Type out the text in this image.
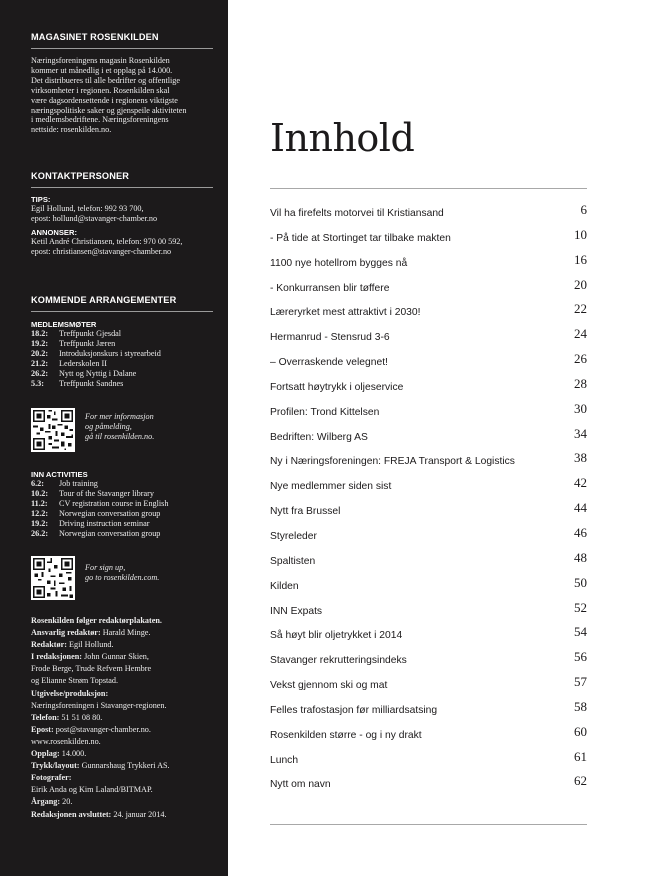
MAGASINET ROSENKILDEN
Næringsforeningens magasin Rosenkilden
kommer ut månedlig i et opplag på 14.000.
Det distribueres til alle bedrifter og offentlige
virksomheter i regionen. Rosenkilden skal
være dagsordensettende i regionens viktigste
næringspolitiske saker og gjenspeile aktiviteten
i medlemsbedriftene. Næringsforeningens
nettside: rosenkilden.no.
KONTAKTPERSONER
TIPS:
Egil Hollund, telefon: 992 93 700,
epost: hollund@stavanger-chamber.no
ANNONSER:
Ketil André Christiansen, telefon: 970 00 592,
epost: christiansen@stavanger-chamber.no
KOMMENDE ARRANGEMENTER
MEDLEMSMØTER
18.2:	Treffpunkt Gjesdal
19.2:	Treffpunkt Jæren
20.2:	Introduksjonskurs i styrearbeid
21.2:	Lederskolen II
26.2:	Nytt og Nyttig i Dalane
5.3:	Treffpunkt Sandnes
For mer informasjon
og påmelding,
gå til rosenkilden.no.
INN ACTIVITIES
6.2:	Job training
10.2:	Tour of the Stavanger library
11.2:	CV registration course in English
12.2:	Norwegian conversation group
19.2:	Driving instruction seminar
26.2:	Norwegian conversation group
For sign up,
go to rosenkilden.com.
Rosenkilden følger redaktørplakaten.
Ansvarlig redaktør: Harald Minge.
Redaktør: Egil Hollund.
I redaksjonen: John Gunnar Skien,
Frode Berge, Trude Refvem Hembre
og Elianne Strøm Topstad.
Utgivelse/produksjon:
Næringsforeningen i Stavanger-regionen.
Telefon: 51 51 08 80.
Epost: post@stavanger-chamber.no.
www.rosenkilden.no.
Opplag: 14.000.
Trykk/layout: Gunnarshaug Trykkeri AS.
Fotografer:
Eirik Anda og Kim Laland/BITMAP.
Årgang: 20.
Redaksjonen avsluttet: 24. januar 2014.
Innhold
Vil ha firefelts motorvei til Kristiansand	6
- På tide at Stortinget tar tilbake makten	10
1100 nye hotellrom bygges nå	16
- Konkurransen blir tøffere	20
Læreryrket mest attraktivt i 2030!	22
Hermanrud - Stensrud 3-6	24
– Overraskende velegnet!	26
Fortsatt høytrykk i oljeservice	28
Profilen: Trond Kittelsen	30
Bedriften: Wilberg AS	34
Ny i Næringsforeningen: FREJA Transport & Logistics	38
Nye medlemmer siden sist	42
Nytt fra Brussel	44
Styreleder	46
Spaltisten	48
Kilden	50
INN Expats	52
Så høyt blir oljetrykket i 2014	54
Stavanger rekrutteringsindeks	56
Vekst gjennom ski og mat	57
Felles trafostasjon før milliardsatsing	58
Rosenkilden større - og i ny drakt	60
Lunch	61
Nytt om navn	62
